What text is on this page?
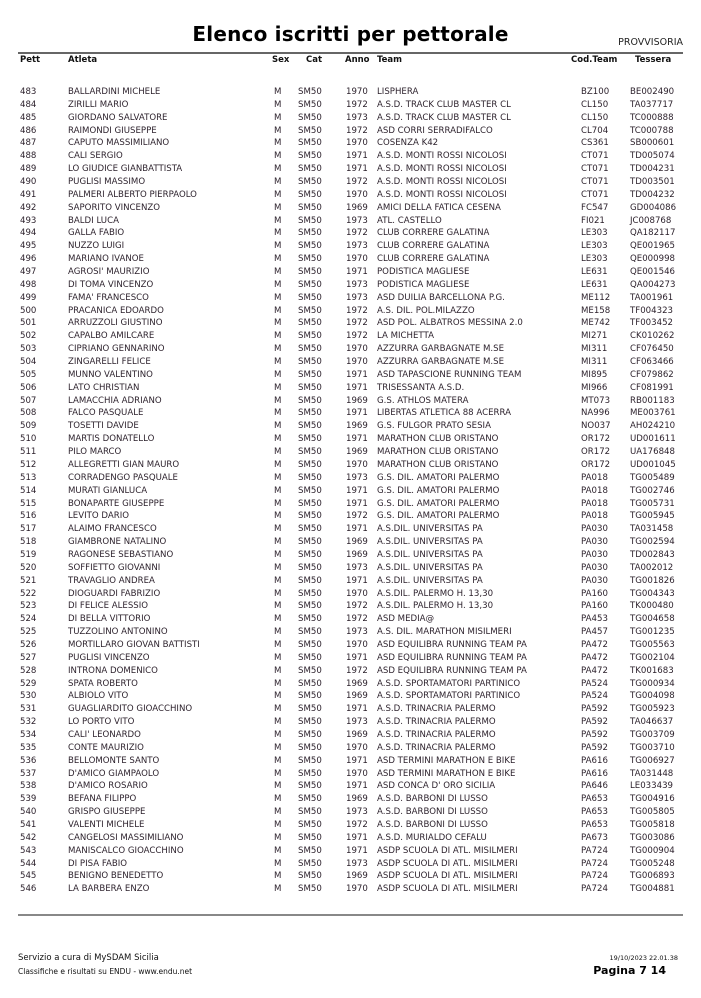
Elenco iscritti per pettorale	PROVVISORIA
Pett	Atleta	Sex Cat	Anno Team	Cod.Team Tessera
483	BALLARDINI MICHELE	M SM50	1970 LISPHERA	BZ100 BE002490
484	ZIRILLI MARIO	M SM50	1972 A.S.D. TRACK CLUB MASTER CL	CL150	TA037717
485	GIORDANO SALVATORE	M SM50	1973 A.S.D. TRACK CLUB MASTER CL	CL150	TC000888
486	RAIMONDI GIUSEPPE	M SM50	1972 ASD CORRI SERRADIFALCO	CL704	TC000788
487	CAPUTO MASSIMILIANO	M SM50	1970 COSENZA K42	CS361 SB000601
488	CALI SERGIO	M SM50	1971 A.S.D. MONTI ROSSI NICOLOSI	CT071 TD005074
489	LO GIUDICE GIANBATTISTA	M SM50	1971 A.S.D. MONTI ROSSI NICOLOSI	CT071 TD004231
490	PUGLISI MASSIMO	M SM50	1972 A.S.D. MONTI ROSSI NICOLOSI	CT071 TD003501
491	PALMERI ALBERTO PIERPAOLO	M SM50	1970 A.S.D. MONTI ROSSI NICOLOSI	CT071 TD004232
492	SAPORITO VINCENZO	M SM50	1969 AMICI DELLA FATICA CESENA	FC547	GD004086
493	BALDI LUCA	M SM50	1973 ATL. CASTELLO	FI021	JC008768
494	GALLA FABIO	M SM50	1972 CLUB CORRERE GALATINA	LE303	QA182117
495	NUZZO LUIGI	M SM50	1973 CLUB CORRERE GALATINA	LE303	QE001965
496	MARIANO IVANOE	M SM50	1970 CLUB CORRERE GALATINA	LE303	QE000998
497	AGROSI' MAURIZIO	M SM50	1971 PODISTICA MAGLIESE	LE631	QE001546
498	DI TOMA VINCENZO	M SM50	1973 PODISTICA MAGLIESE	LE631	QA004273
499	FAMA' FRANCESCO	M SM50	1973 ASD DUILIA BARCELLONA P.G.	ME112 TA001961
500	PRACANICA EDOARDO	M SM50	1972 A.S. DIL. POL.MILAZZO	ME158 TF004323
501	ARRUZZOLI GIUSTINO	M SM50	1972 ASD POL. ALBATROS MESSINA 2.0	ME742 TF003452
502	CAPALBO AMILCARE	M SM50	1972 LA MICHETTA	MI271	CK010262
503	CIPRIANO GENNARINO	M SM50	1970 AZZURRA GARBAGNATE M.SE	MI311	CF076450
504	ZINGARELLI FELICE	M SM50	1970 AZZURRA GARBAGNATE M.SE	MI311	CF063466
505	MUNNO VALENTINO	M SM50	1971 ASD TAPASCIONE RUNNING TEAM	MI895	CF079862
506	LATO CHRISTIAN	M SM50	1971 TRISESSANTA A.S.D.	MI966	CF081991
507	LAMACCHIA ADRIANO	M SM50	1969 G.S. ATHLOS MATERA	MT073 RB001183
508	FALCO PASQUALE	M SM50	1971 LIBERTAS ATLETICA 88 ACERRA	NA996 ME003761
509	TOSETTI DAVIDE	M SM50	1969 G.S. FULGOR PRATO SESIA	NO037 AH024210
510	MARTIS DONATELLO	M SM50	1971 MARATHON CLUB ORISTANO	OR172 UD001611
511	PILO MARCO	M SM50	1969 MARATHON CLUB ORISTANO	OR172 UA176848
512	ALLEGRETTI GIAN MAURO	M SM50	1970 MARATHON CLUB ORISTANO	OR172 UD001045
513	CORRADENGO PASQUALE	M SM50	1973 G.S. DIL. AMATORI PALERMO	PA018	TG005489
514	MURATI GIANLUCA	M SM50	1971 G.S. DIL. AMATORI PALERMO	PA018	TG002746
515	BONAPARTE GIUSEPPE	M SM50	1971 G.S. DIL. AMATORI PALERMO	PA018	TG005731
516	LEVITO DARIO	M SM50	1972 G.S. DIL. AMATORI PALERMO	PA018	TG005945
517	ALAIMO FRANCESCO	M SM50	1971 A.S.DIL. UNIVERSITAS PA	PA030	TA031458
518	GIAMBRONE NATALINO	M SM50	1969 A.S.DIL. UNIVERSITAS PA	PA030	TG002594
519	RAGONESE SEBASTIANO	M SM50	1969 A.S.DIL. UNIVERSITAS PA	PA030	TD002843
520	SOFFIETTO GIOVANNI	M SM50	1973 A.S.DIL. UNIVERSITAS PA	PA030	TA002012
521	TRAVAGLIO ANDREA	M SM50	1971 A.S.DIL. UNIVERSITAS PA	PA030	TG001826
522	DIOGUARDI FABRIZIO	M SM50	1970 A.S.DIL. PALERMO H. 13,30	PA160	TG004343
523	DI FELICE ALESSIO	M SM50	1972 A.S.DIL. PALERMO H. 13,30	PA160	TK000480
524	DI BELLA VITTORIO	M SM50	1972 ASD MEDIA@	PA453	TG004658
525	TUZZOLINO ANTONINO	M SM50	1973 A.S. DIL. MARATHON MISILMERI	PA457	TG001235
526	MORTILLARO GIOVAN BATTISTI	M SM50	1970 ASD EQUILIBRA RUNNING TEAM PA	PA472	TG005563
527	PUGLISI VINCENZO	M SM50	1971 ASD EQUILIBRA RUNNING TEAM PA	PA472	TG002104
528	INTRONA DOMENICO	M SM50	1972 ASD EQUILIBRA RUNNING TEAM PA	PA472	TK001683
529	SPATA ROBERTO	M SM50	1969 A.S.D. SPORTAMATORI PARTINICO	PA524	TG000934
530	ALBIOLO VITO	M SM50	1969 A.S.D. SPORTAMATORI PARTINICO	PA524	TG004098
531	GUAGLIARDITO GIOACCHINO	M SM50	1971 A.S.D. TRINACRIA PALERMO	PA592	TG005923
532	LO PORTO VITO	M SM50	1973 A.S.D. TRINACRIA PALERMO	PA592	TA046637
534	CALI' LEONARDO	M SM50	1969 A.S.D. TRINACRIA PALERMO	PA592	TG003709
535	CONTE MAURIZIO	M SM50	1970 A.S.D. TRINACRIA PALERMO	PA592	TG003710
536	BELLOMONTE SANTO	M SM50	1971 ASD TERMINI MARATHON E BIKE	PA616	TG006927
537	D'AMICO GIAMPAOLO	M SM50	1970 ASD TERMINI MARATHON E BIKE	PA616	TA031448
538	D'AMICO ROSARIO	M SM50	1971 ASD CONCA D' ORO SICILIA	PA646	LE033439
539	BEFANA FILIPPO	M SM50	1969 A.S.D. BARBONI DI LUSSO	PA653	TG004916
540	GRISPO GIUSEPPE	M SM50	1973 A.S.D. BARBONI DI LUSSO	PA653	TG005805
541	VALENTI MICHELE	M SM50	1972 A.S.D. BARBONI DI LUSSO	PA653	TG005818
542	CANGELOSI MASSIMILIANO	M SM50	1971 A.S.D. MURIALDO CEFALU	PA673	TG003086
543	MANISCALCO GIOACCHINO	M SM50	1971 ASDP SCUOLA DI ATL. MISILMERI	PA724	TG000904
544	DI PISA FABIO	M SM50	1973 ASDP SCUOLA DI ATL. MISILMERI	PA724	TG005248
545	BENIGNO BENEDETTO	M SM50	1969 ASDP SCUOLA DI ATL. MISILMERI	PA724	TG006893
546	LA BARBERA ENZO	M SM50	1970 ASDP SCUOLA DI ATL. MISILMERI	PA724	TG004881
Servizio a cura di MySDAM Sicilia
Classifiche e risultati su ENDU - www.endu.net
19/10/2023 22.01.38
Pagina 7 14
